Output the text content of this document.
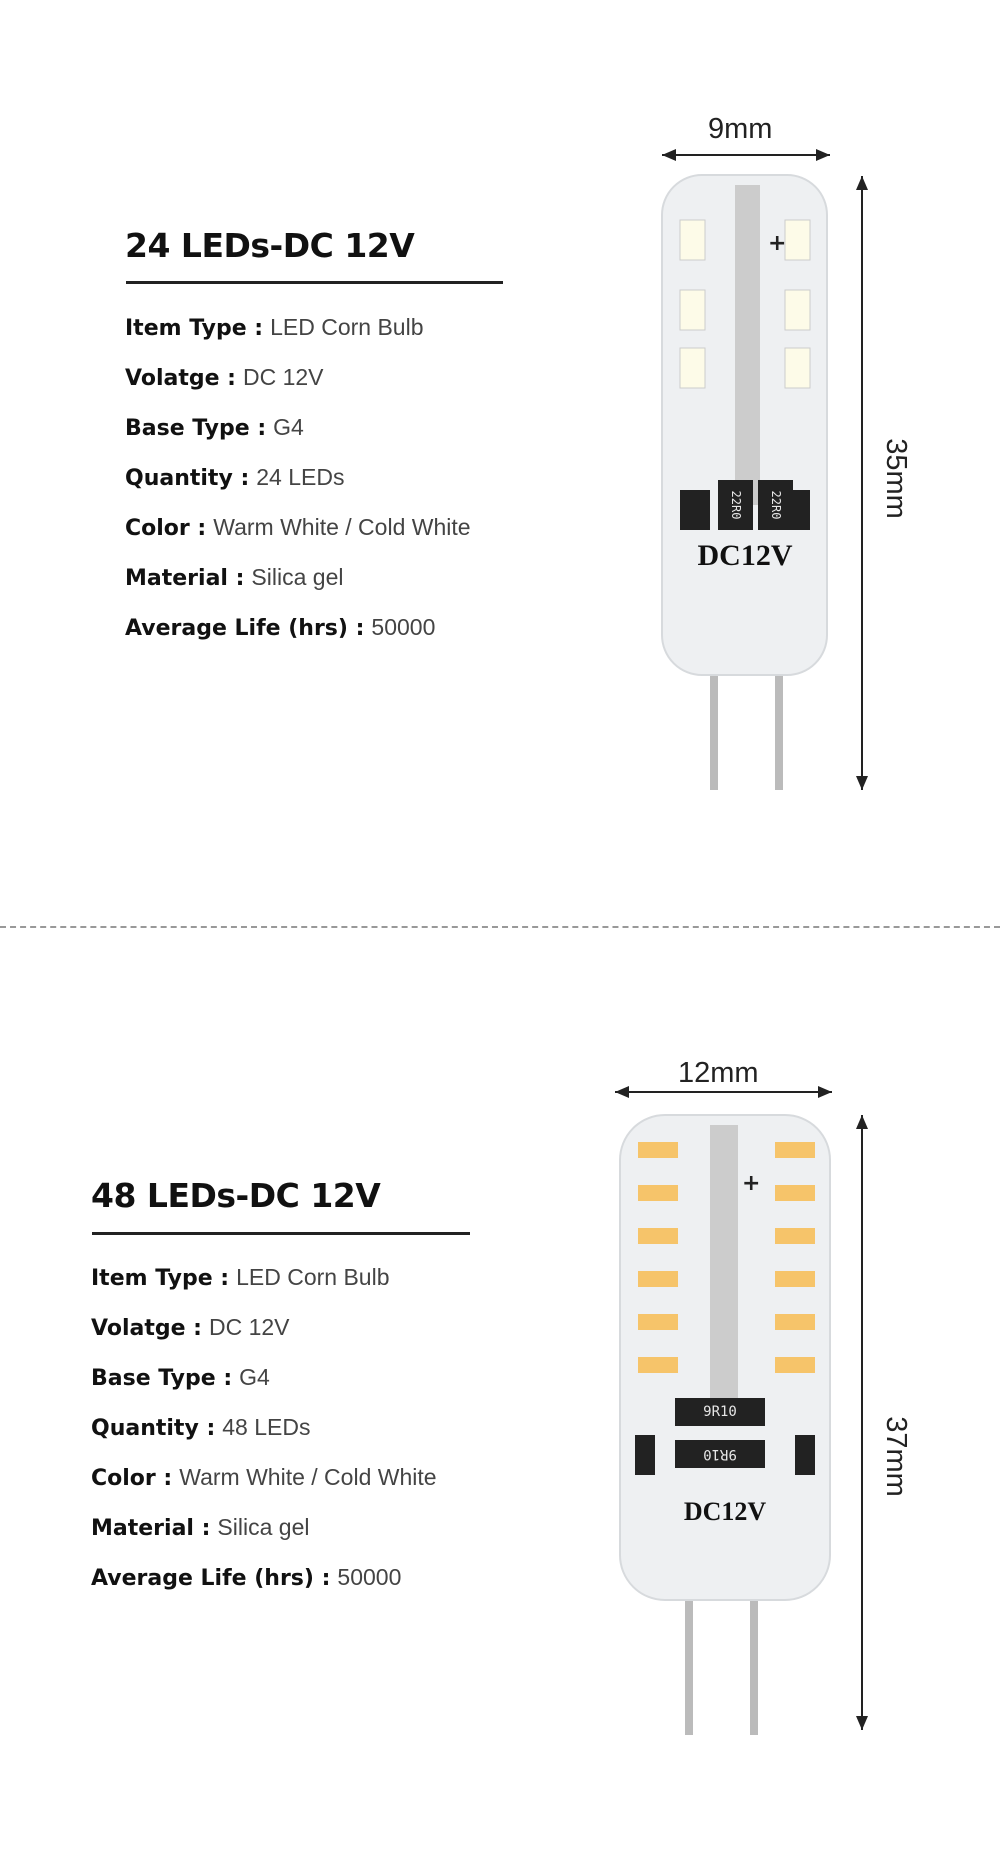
24 LEDs-DC 12V
Item Type : LED Corn Bulb
Volatge : DC 12V
Base Type : G4
Quantity : 24 LEDs
Color : Warm White / Cold White
Material : Silica gel
Average Life (hrs) : 50000
+
22R0 22R0
DC12V
9mm
35mm
48 LEDs-DC 12V
Item Type : LED Corn Bulb
Volatge : DC 12V
Base Type : G4
Quantity : 48 LEDs
Color : Warm White / Cold White
Material : Silica gel
Average Life (hrs) : 50000
+
9R10
9R10
DC12V
12mm
37mm
